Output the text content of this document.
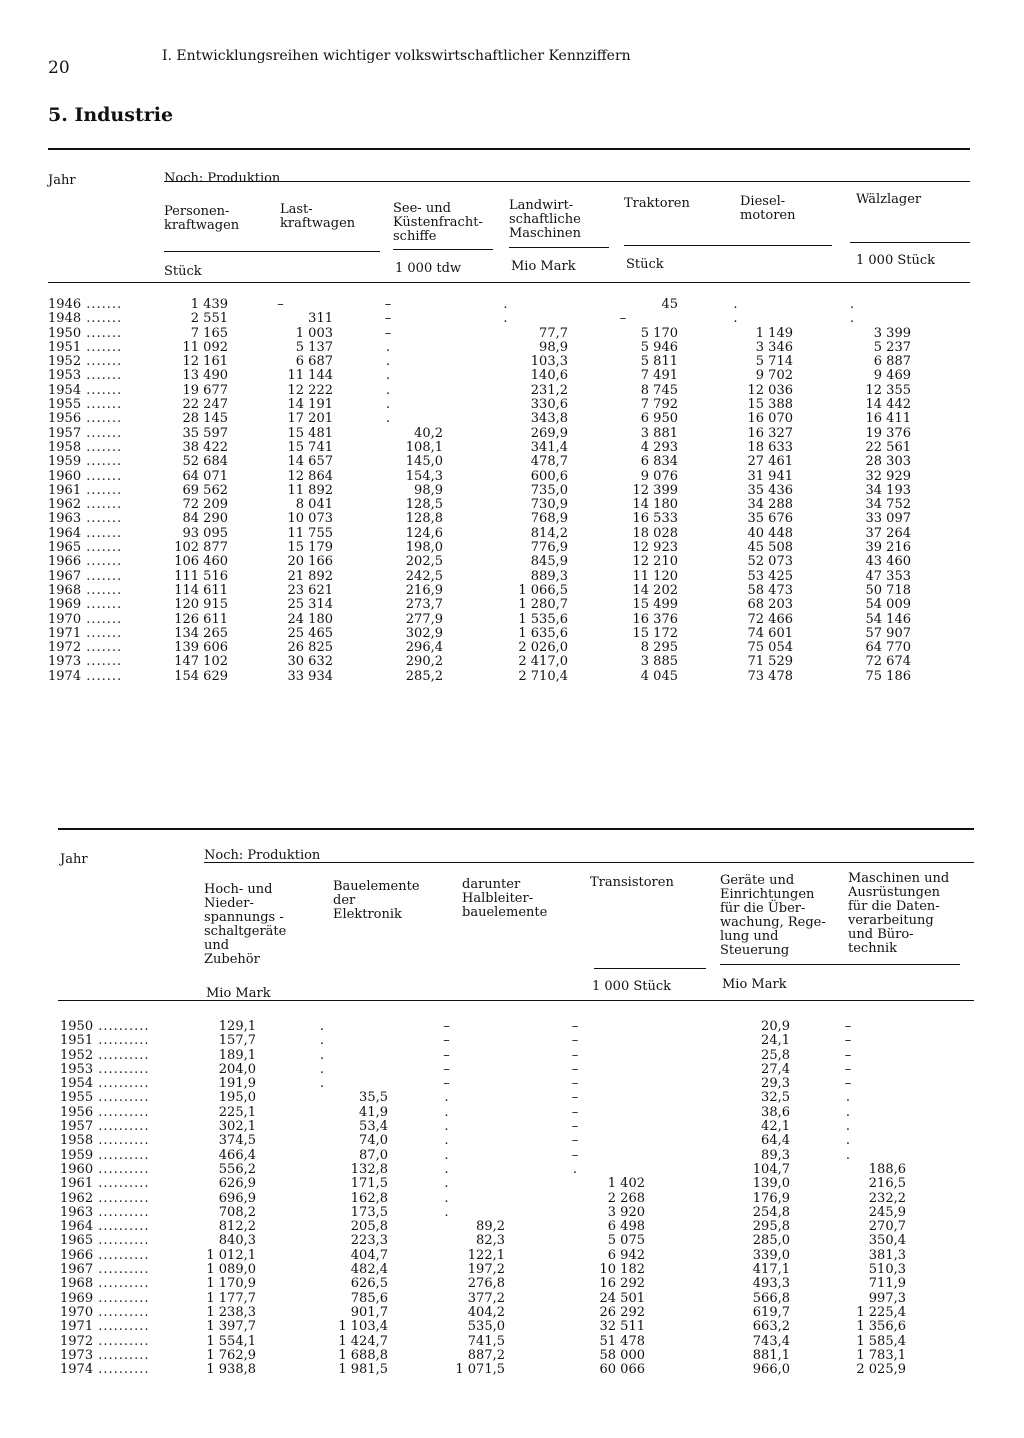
20
I. Entwicklungsreihen wichtiger volkswirtschaftlicher Kennziffern
5. Industrie
Jahr	Noch: Produktion
Personen-
kraftwagen
Last-
kraftwagen
See- und
Küstenfracht-
schiffe
Landwirt-
schaftliche
Maschinen
Traktoren	Diesel-
motoren
Wälzlager
Stück	1 000 tdw	Mio Mark	Stück	1 000 Stück
1946 .......	1 439	–	–	.	45	.	.
1948 .......	2 551	311	–	.	–	.	.
1950 .......	7 165	1 003	–	77,7	5 170	1 149	3 399
1951 .......	11 092	5 137	.	98,9	5 946	3 346	5 237
1952 .......	12 161	6 687	.	103,3	5 811	5 714	6 887
1953 .......	13 490	11 144	.	140,6	7 491	9 702	9 469
1954 .......	19 677	12 222	.	231,2	8 745	12 036	12 355
1955 .......	22 247	14 191	.	330,6	7 792	15 388	14 442
1956 .......	28 145	17 201	.	343,8	6 950	16 070	16 411
1957 .......	35 597	15 481	40,2	269,9	3 881	16 327	19 376
1958 .......	38 422	15 741	108,1	341,4	4 293	18 633	22 561
1959 .......	52 684	14 657	145,0	478,7	6 834	27 461	28 303
1960 .......	64 071	12 864	154,3	600,6	9 076	31 941	32 929
1961 .......	69 562	11 892	98,9	735,0	12 399	35 436	34 193
1962 .......	72 209	8 041	128,5	730,9	14 180	34 288	34 752
1963 .......	84 290	10 073	128,8	768,9	16 533	35 676	33 097
1964 .......	93 095	11 755	124,6	814,2	18 028	40 448	37 264
1965 .......	102 877	15 179	198,0	776,9	12 923	45 508	39 216
1966 .......	106 460	20 166	202,5	845,9	12 210	52 073	43 460
1967 .......	111 516	21 892	242,5	889,3	11 120	53 425	47 353
1968 .......	114 611	23 621	216,9	1 066,5	14 202	58 473	50 718
1969 .......	120 915	25 314	273,7	1 280,7	15 499	68 203	54 009
1970 .......	126 611	24 180	277,9	1 535,6	16 376	72 466	54 146
1971 .......	134 265	25 465	302,9	1 635,6	15 172	74 601	57 907
1972 .......	139 606	26 825	296,4	2 026,0	8 295	75 054	64 770
1973 .......	147 102	30 632	290,2	2 417,0	3 885	71 529	72 674
1974 .......	154 629	33 934	285,2	2 710,4	4 045	73 478	75 186
Jahr	Noch: Produktion
Hoch- und
Nieder-
spannungs -
schaltgeräte
und
Zubehör
Bauelemente
der
Elektronik
darunter
Halbleiter-
bauelemente
Transistoren	Geräte und
Einrichtungen
für die Über-
wachung, Rege-
lung und
Steuerung
Maschinen und
Ausrüstungen
für die Daten-
verarbeitung
und Büro-
technik
Mio Mark	1 000 Stück	Mio Mark
1950 ..........	129,1	.	–	–	20,9	–
1951 ..........	157,7	.	–	–	24,1	–
1952 ..........	189,1	.	–	–	25,8	–
1953 ..........	204,0	.	–	–	27,4	–
1954 ..........	191,9	.	–	–	29,3	–
1955 ..........	195,0	35,5	.	–	32,5	.
1956 ..........	225,1	41,9	.	–	38,6	.
1957 ..........	302,1	53,4	.	–	42,1	.
1958 ..........	374,5	74,0	.	–	64,4	.
1959 ..........	466,4	87,0	.	–	89,3	.
1960 ..........	556,2	132,8	.	.	104,7	188,6
1961 ..........	626,9	171,5	.	1 402	139,0	216,5
1962 ..........	696,9	162,8	.	2 268	176,9	232,2
1963 ..........	708,2	173,5	.	3 920	254,8	245,9
1964 ..........	812,2	205,8	89,2	6 498	295,8	270,7
1965 ..........	840,3	223,3	82,3	5 075	285,0	350,4
1966 ..........	1 012,1	404,7	122,1	6 942	339,0	381,3
1967 ..........	1 089,0	482,4	197,2	10 182	417,1	510,3
1968 ..........	1 170,9	626,5	276,8	16 292	493,3	711,9
1969 ..........	1 177,7	785,6	377,2	24 501	566,8	997,3
1970 ..........	1 238,3	901,7	404,2	26 292	619,7	1 225,4
1971 ..........	1 397,7	1 103,4	535,0	32 511	663,2	1 356,6
1972 ..........	1 554,1	1 424,7	741,5	51 478	743,4	1 585,4
1973 ..........	1 762,9	1 688,8	887,2	58 000	881,1	1 783,1
1974 ..........	1 938,8	1 981,5	1 071,5	60 066	966,0	2 025,9
